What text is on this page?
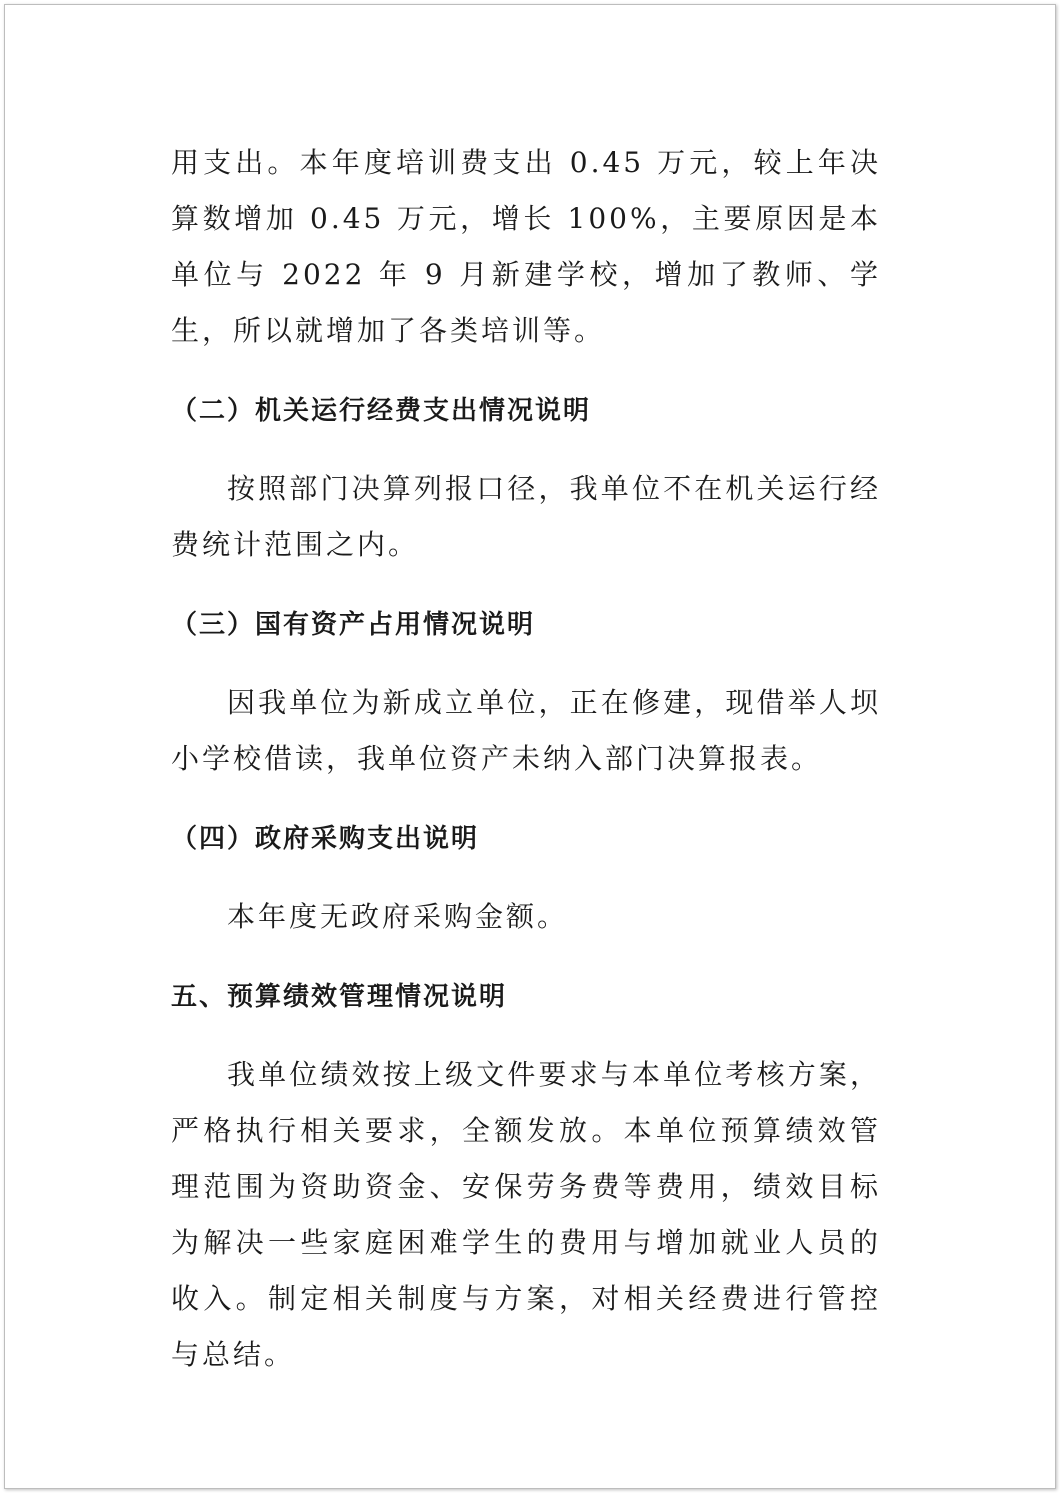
用支出。本年度培训费支出 0.45 万元，较上年决算数增加 0.45 万元，增长 100%，主要原因是本单位与 2022 年 9 月新建学校，增加了教师、学生，所以就增加了各类培训等。

（二）机关运行经费支出情况说明

按照部门决算列报口径，我单位不在机关运行经费统计范围之内。

（三）国有资产占用情况说明

因我单位为新成立单位，正在修建，现借举人坝小学校借读，我单位资产未纳入部门决算报表。

（四）政府采购支出说明

本年度无政府采购金额。

五、预算绩效管理情况说明

我单位绩效按上级文件要求与本单位考核方案，严格执行相关要求，全额发放。本单位预算绩效管理范围为资助资金、安保劳务费等费用，绩效目标为解决一些家庭困难学生的费用与增加就业人员的收入。制定相关制度与方案，对相关经费进行管控与总结。
